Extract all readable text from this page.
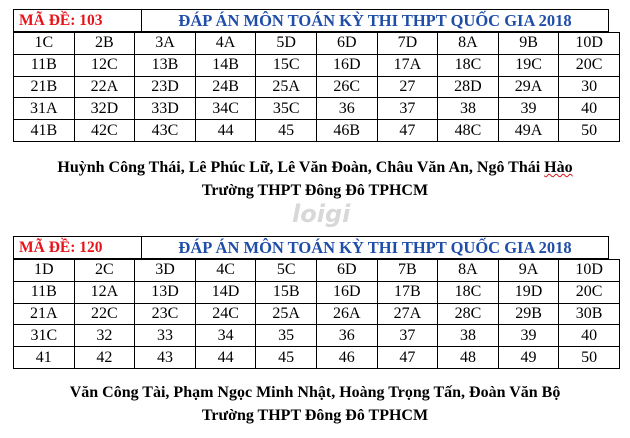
MÃ ĐỀ: 103	ĐÁP ÁN MÔN TOÁN KỲ THI THPT QUỐC GIA 2018
1C	2B	3A	4A	5D	6D	7D	8A	9B	10D
11B	12C	13B	14B	15C	16D	17A	18C	19C	20C
21B	22A	23D	24B	25A	26C	27	28D	29A	30
31A	32D	33D	34C	35C	36	37	38	39	40
41B	42C	43C	44	45	46B	47	48C	49A	50
Huỳnh Công Thái, Lê Phúc Lữ, Lê Văn Đoàn, Châu Văn An, Ngô Thái Hào
Trường THPT Đông Đô TPHCM
loigi
MÃ ĐỀ: 120	ĐÁP ÁN MÔN TOÁN KỲ THI THPT QUỐC GIA 2018
1D	2C	3D	4C	5C	6D	7B	8A	9A	10D
11B	12A	13D	14D	15B	16D	17B	18C	19D	20C
21A	22C	23C	24C	25A	26A	27A	28C	29B	30B
31C	32	33	34	35	36	37	38	39	40
41	42	43	44	45	46	47	48	49	50
Văn Công Tài, Phạm Ngọc Minh Nhật, Hoàng Trọng Tấn, Đoàn Văn Bộ
Trường THPT Đông Đô TPHCM
